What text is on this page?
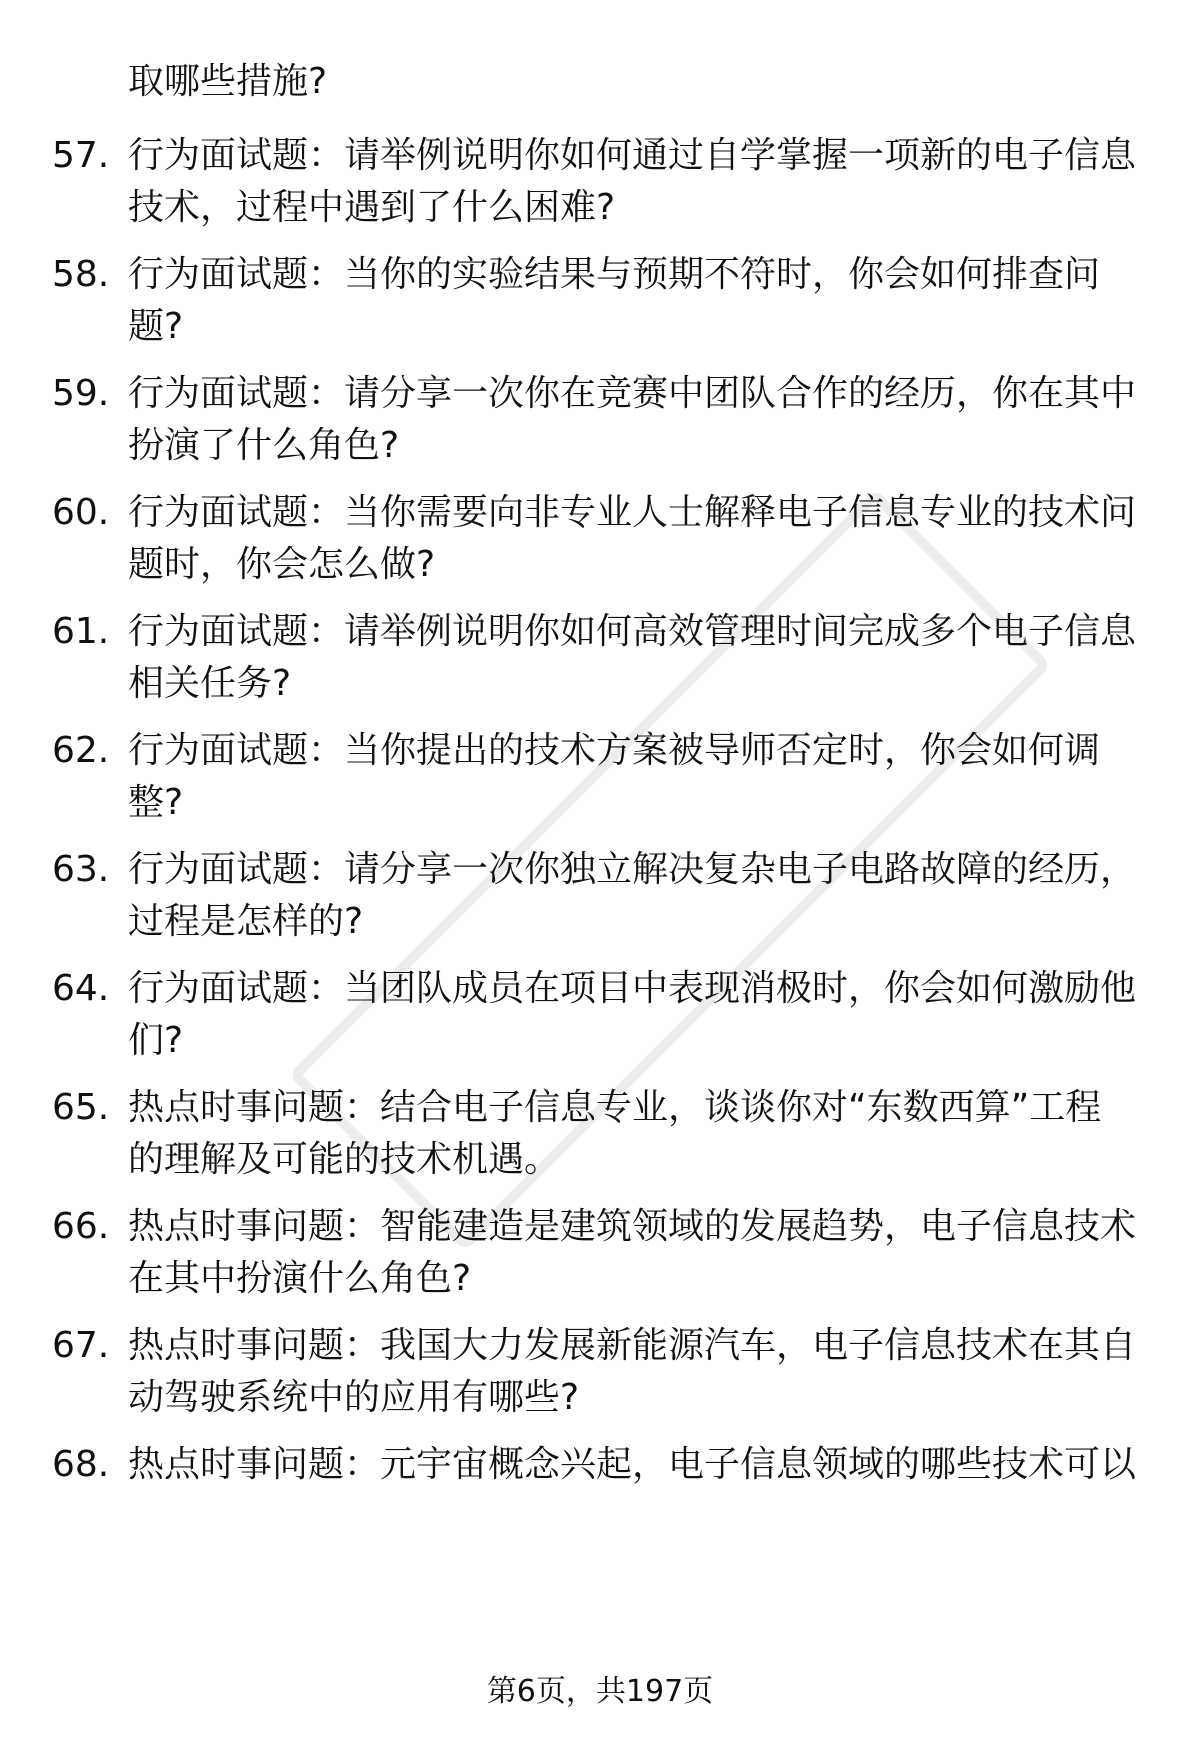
取哪些措施?
57. 行为面试题：请举例说明你如何通过自学掌握一项新的电子信息
技术，过程中遇到了什么困难?
58. 行为面试题：当你的实验结果与预期不符时，你会如何排查问
题?
59. 行为面试题：请分享一次你在竞赛中团队合作的经历，你在其中
扮演了什么角色?
60. 行为面试题：当你需要向非专业人士解释电子信息专业的技术问
题时，你会怎么做?
61. 行为面试题：请举例说明你如何高效管理时间完成多个电子信息
相关任务?
62. 行为面试题：当你提出的技术方案被导师否定时，你会如何调
整?
63. 行为面试题：请分享一次你独立解决复杂电子电路故障的经历，
过程是怎样的?
64. 行为面试题：当团队成员在项目中表现消极时，你会如何激励他
们?
65. 热点时事问题：结合电子信息专业，谈谈你对“东数西算”工程
的理解及可能的技术机遇。
66. 热点时事问题：智能建造是建筑领域的发展趋势，电子信息技术
在其中扮演什么角色?
67. 热点时事问题：我国大力发展新能源汽车，电子信息技术在其自
动驾驶系统中的应用有哪些?
68. 热点时事问题：元宇宙概念兴起，电子信息领域的哪些技术可以
第6页，共197页
